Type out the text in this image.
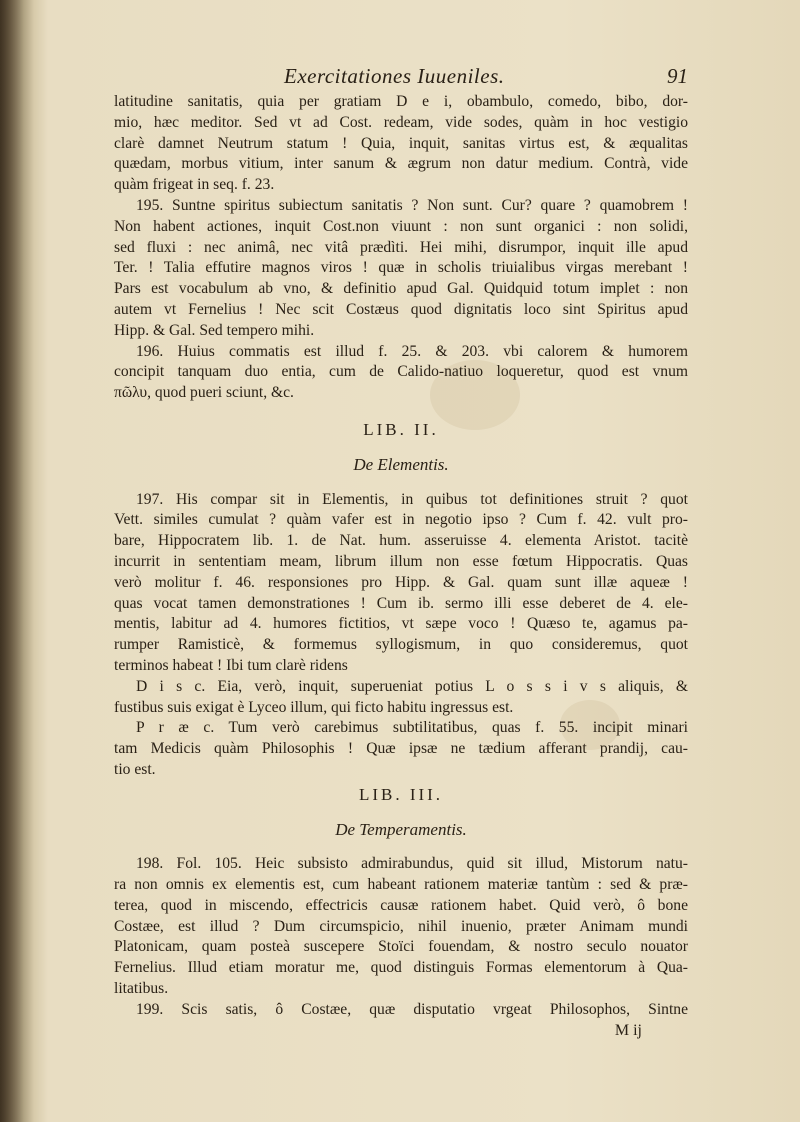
Exercitationes Iuueniles.	91
latitudine sanitatis, quia per gratiam D e i, obambulo, comedo, bibo, dor-
mio, hæc meditor. Sed vt ad Cost. redeam, vide sodes, quàm in hoc vestigio
clarè damnet Neutrum statum ! Quia, inquit, sanitas virtus est, & æqualitas
quædam, morbus vitium, inter sanum & ægrum non datur medium. Contrà, vide
quàm frigeat in seq. f. 23.
195. Suntne spiritus subiectum sanitatis ? Non sunt. Cur? quare ? quamobrem !
Non habent actiones, inquit Cost.non viuunt : non sunt organici : non solidi,
sed fluxi : nec animâ, nec vitâ prædìti. Hei mihi, disrumpor, inquit ille apud
Ter. ! Talia effutire magnos viros ! quæ in scholis triuialibus virgas merebant !
Pars est vocabulum ab vno, & definitio apud Gal. Quidquid totum implet : non
autem vt Fernelius ! Nec scit Costæus quod dignitatis loco sint Spiritus apud
Hipp. & Gal. Sed tempero mihi.
196. Huius commatis est illud f. 25. & 203. vbi calorem & humorem
concipit tanquam duo entia, cum de Calido-natiuo loqueretur, quod est vnum
πῶλυ, quod pueri sciunt, &c.
LIB. II.
De Elementis.
197. His compar sit in Elementis, in quibus tot definitiones struit ? quot
Vett. similes cumulat ? quàm vafer est in negotio ipso ? Cum f. 42. vult pro-
bare, Hippocratem lib. 1. de Nat. hum. asseruisse 4. elementa Aristot. tacitè
incurrit in sententiam meam, librum illum non esse fœtum Hippocratis. Quas
verò molitur f. 46. responsiones pro Hipp. & Gal. quam sunt illæ aqueæ !
quas vocat tamen demonstrationes ! Cum ib. sermo illi esse deberet de 4. ele-
mentis, labitur ad 4. humores fictitios, vt sæpe voco ! Quæso te, agamus pa-
rumper Ramisticè, & formemus syllogismum, in quo consideremus, quot
terminos habeat ! Ibi tum clarè ridens
D i s c. Eia, verò, inquit, superueniat potius L o s s i v s aliquis, &
fustibus suis exigat è Lyceo illum, qui ficto habitu ingressus est.
P r æ c. Tum verò carebimus subtilitatibus, quas f. 55. incipit minari
tam Medicis quàm Philosophis ! Quæ ipsæ ne tædium afferant prandij, cau-
tio est.
LIB. III.
De Temperamentis.
198. Fol. 105. Heic subsisto admirabundus, quid sit illud, Mistorum natu-
ra non omnis ex elementis est, cum habeant rationem materiæ tantùm : sed & præ-
terea, quod in miscendo, effectricis causæ rationem habet. Quid verò, ô bone
Costæe, est illud ? Dum circumspicio, nihil inuenio, præter Animam mundi
Platonicam, quam posteà suscepere Stoïci fouendam, & nostro seculo nouator
Fernelius. Illud etiam moratur me, quod distinguis Formas elementorum à Qua-
litatibus.
199. Scis satis, ô Costæe, quæ disputatio vrgeat Philosophos, Sintne
M ij
